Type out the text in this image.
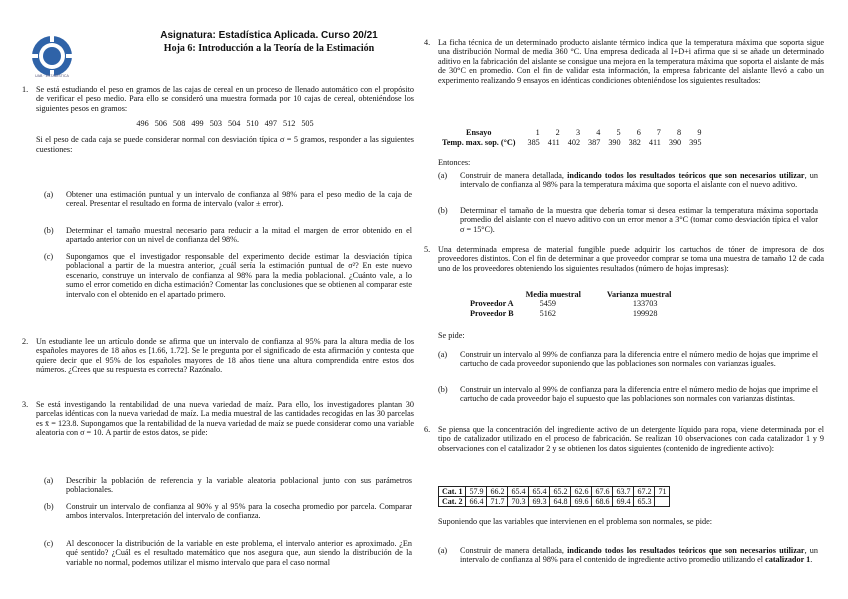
UAB · ESTADÍSTICA
Asignatura: Estadística Aplicada. Curso 20/21
Hoja 6: Introducción a la Teoría de la Estimación
1. Se está estudiando el peso en gramos de las cajas de cereal en un proceso de llenado automático con el propósito de verificar el peso medio. Para ello se consideró una muestra formada por 10 cajas de cereal, obteniéndose los siguientes pesos en gramos:

496 506 508 499 503 504 510 497 512 505

Si el peso de cada caja se puede considerar normal con desviación típica σ = 5 gramos, responder a las siguientes cuestiones:

(a) Obtener una estimación puntual y un intervalo de confianza al 98% para el peso medio de la caja de cereal. Presentar el resultado en forma de intervalo (valor ± error).

(b) Determinar el tamaño muestral necesario para reducir a la mitad el margen de error obtenido en el apartado anterior con un nivel de confianza del 98%.

(c) Supongamos que el investigador responsable del experimento decide estimar la desviación típica poblacional a partir de la muestra anterior, ¿cuál sería la estimación puntual de σ²? En este nuevo escenario, construye un intervalo de confianza al 98% para la media poblacional. ¿Cuánto vale, a lo sumo el error cometido en dicha estimación? Comentar las conclusiones que se obtienen al comparar este intervalo con el obtenido en el apartado primero.

2. Un estudiante lee un artículo donde se afirma que un intervalo de confianza al 95% para la altura media de los españoles mayores de 18 años es [1.66, 1.72]. Se le pregunta por el significado de esta afirmación y contesta que quiere decir que el 95% de los españoles mayores de 18 años tiene una altura comprendida entre estos dos números. ¿Crees que su respuesta es correcta? Razónalo.

3. Se está investigando la rentabilidad de una nueva variedad de maíz. Para ello, los investigadores plantan 30 parcelas idénticas con la nueva variedad de maíz. La media muestral de las cantidades recogidas en las 30 parcelas es x̄ = 123.8. Supongamos que la rentabilidad de la nueva variedad de maíz se puede considerar como una variable aleatoria con σ = 10. A partir de estos datos, se pide:

(a) Describir la población de referencia y la variable aleatoria poblacional junto con sus parámetros poblacionales.

(b) Construir un intervalo de confianza al 90% y al 95% para la cosecha promedio por parcela. Comparar ambos intervalos. Interpretación del intervalo de confianza.

(c) Al desconocer la distribución de la variable en este problema, el intervalo anterior es aproximado. ¿En qué sentido? ¿Cuál es el resultado matemático que nos asegura que, aun siendo la distribución de la variable no normal, podemos utilizar el mismo intervalo que para el caso normal

4. La ficha técnica de un determinado producto aislante térmico indica que la temperatura máxima que soporta sigue una distribución Normal de media 360 °C. Una empresa dedicada al I+D+i afirma que si se añade un determinado aditivo en la fabricación del aislante se consigue una mejora en la temperatura máxima que soporta el aislante de más de 30°C en promedio. Con el fin de validar esta información, la empresa fabricante del aislante llevó a cabo un experimento realizando 9 ensayos en idénticas condiciones obteniéndose los siguientes resultados:

Ensayo	1	2	3	4	5	6	7	8	9
Temp. max. sop. (°C)	385	411	402	387	390	382	411	390	395

Entonces:

(a) Construir de manera detallada, indicando todos los resultados teóricos que son necesarios utilizar, un intervalo de confianza al 98% para la temperatura máxima que soporta el aislante con el nuevo aditivo.

(b) Determinar el tamaño de la muestra que debería tomar si desea estimar la temperatura máxima soportada promedio del aislante con el nuevo aditivo con un error menor a 3°C (tomar como desviación típica el valor σ = 15°C).

5. Una determinada empresa de material fungible puede adquirir los cartuchos de tóner de impresora de dos proveedores distintos. Con el fin de determinar a que proveedor comprar se toma una muestra de tamaño 12 de cada uno de los proveedores obteniendo los siguientes resultados (número de hojas impresas):

	Media muestral	Varianza muestral
Proveedor A	5459	133703
Proveedor B	5162	199928

Se pide:

(a) Construir un intervalo al 99% de confianza para la diferencia entre el número medio de hojas que imprime el cartucho de cada proveedor suponiendo que las poblaciones son normales con varianzas iguales.

(b) Construir un intervalo al 99% de confianza para la diferencia entre el número medio de hojas que imprime el cartucho de cada proveedor bajo el supuesto que las poblaciones son normales con varianzas distintas.

6. Se piensa que la concentración del ingrediente activo de un detergente líquido para ropa, viene determinada por el tipo de catalizador utilizado en el proceso de fabricación. Se realizan 10 observaciones con cada catalizador 1 y 9 observaciones con el catalizador 2 y se obtienen los datos siguientes (contenido de ingrediente activo):

Cat. 1	57.9	66.2	65.4	65.4	65.2	62.6	67.6	63.7	67.2	71
Cat. 2	66.4	71.7	70.3	69.3	64.8	69.6	68.6	69.4	65.3	

Suponiendo que las variables que intervienen en el problema son normales, se pide:

(a) Construir de manera detallada, indicando todos los resultados teóricos que son necesarios utilizar, un intervalo de confianza al 98% para el contenido de ingrediente activo promedio utilizando el catalizador 1.
